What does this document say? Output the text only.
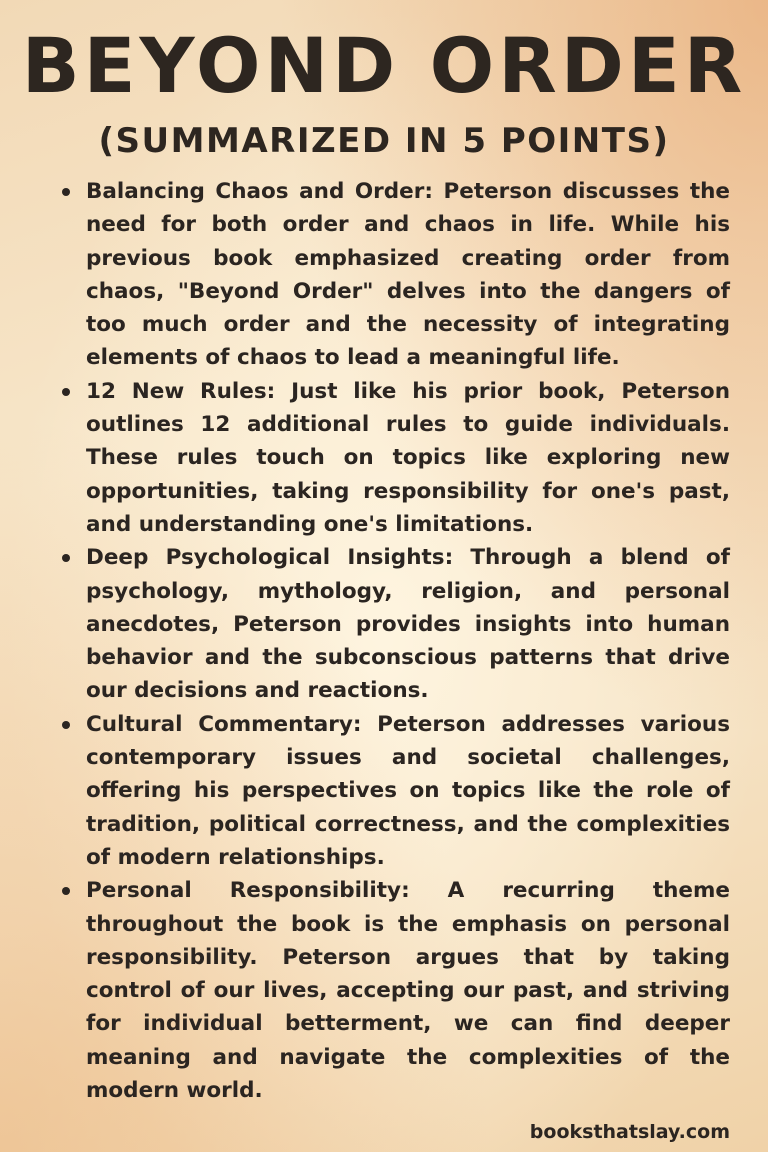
BEYOND ORDER
(SUMMARIZED IN 5 POINTS)
Balancing Chaos and Order: Peterson discusses the need for both order and chaos in life. While his previous book emphasized creating order from chaos, "Beyond Order" delves into the dangers of too much order and the necessity of integrating elements of chaos to lead a meaningful life.
12 New Rules: Just like his prior book, Peterson outlines 12 additional rules to guide individuals. These rules touch on topics like exploring new opportunities, taking responsibility for one's past, and understanding one's limitations.
Deep Psychological Insights: Through a blend of psychology, mythology, religion, and personal anecdotes, Peterson provides insights into human behavior and the subconscious patterns that drive our decisions and reactions.
Cultural Commentary: Peterson addresses various contemporary issues and societal challenges, offering his perspectives on topics like the role of tradition, political correctness, and the complexities of modern relationships.
Personal Responsibility: A recurring theme throughout the book is the emphasis on personal responsibility. Peterson argues that by taking control of our lives, accepting our past, and striving for individual betterment, we can find deeper meaning and navigate the complexities of the modern world.
booksthatslay.com
